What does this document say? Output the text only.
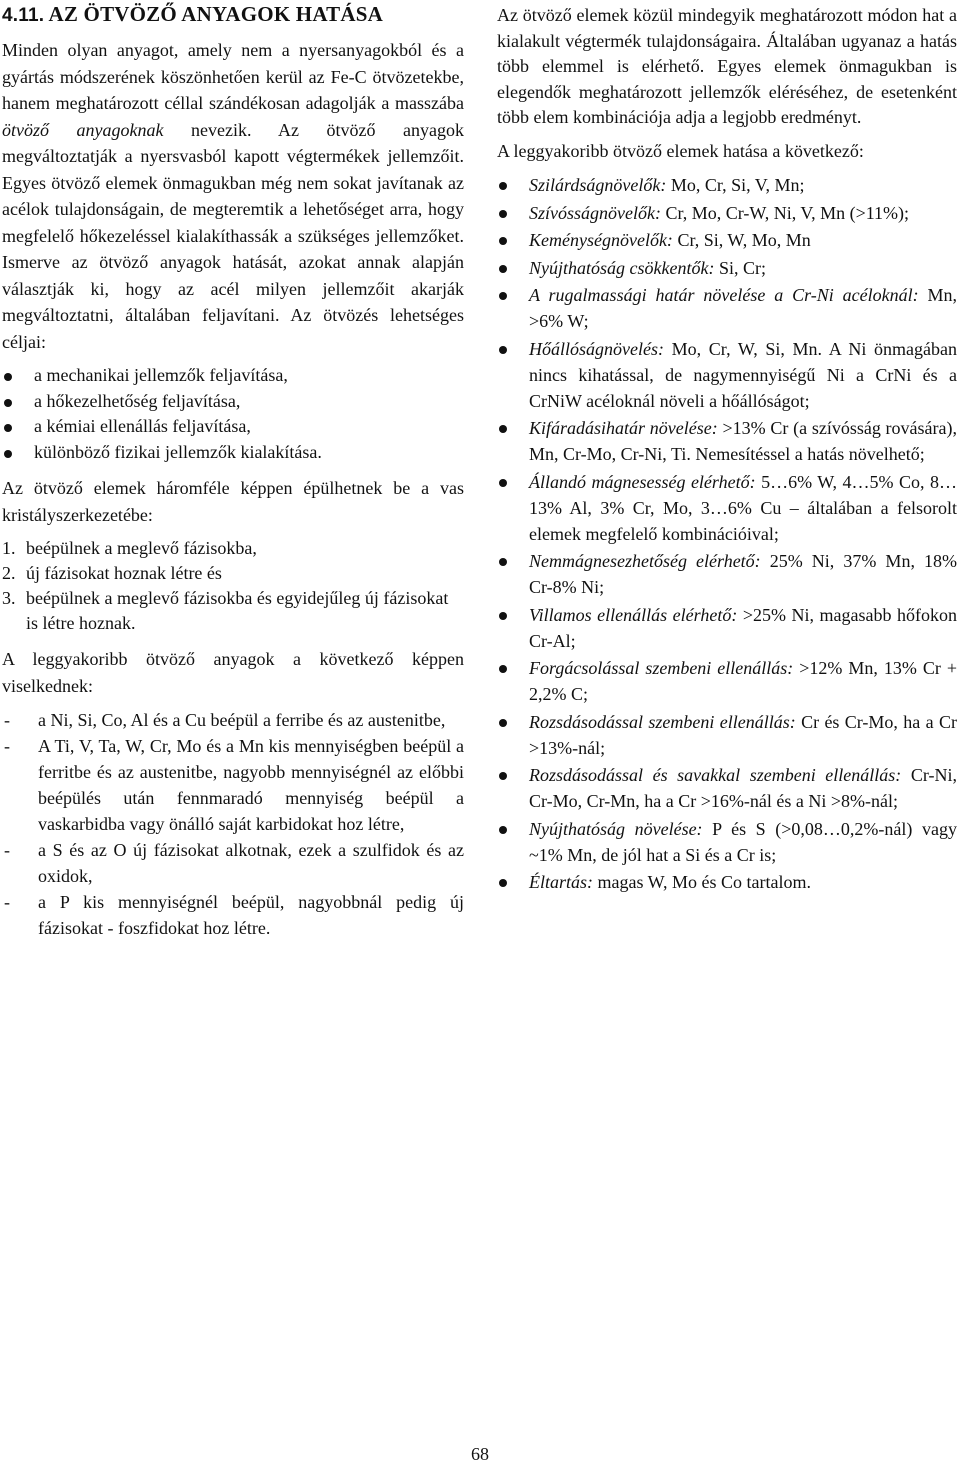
4.11. AZ ÖTVÖZŐ ANYAGOK HATÁSA

Minden olyan anyagot, amely nem a nyersanyagokból és a gyártás módszerének köszönhetően kerül az Fe-C ötvözetekbe, hanem meghatározott céllal szándékosan adagolják a masszába ötvöző anyagoknak nevezik. Az ötvöző anyagok megváltoztatják a nyersvasból kapott végtermékek jellemzőit. Egyes ötvöző elemek önmagukban még nem sokat javítanak az acélok tulajdonságain, de megteremtik a lehetőséget arra, hogy megfelelő hőkezeléssel kialakíthassák a szükséges jellemzőket. Ismerve az ötvöző anyagok hatását, azokat annak alapján választják ki, hogy az acél milyen jellemzőit akarják megváltoztatni, általában feljavítani. Az ötvözés lehetséges céljai:

a mechanikai jellemzők feljavítása,
a hőkezelhetőség feljavítása,
a kémiai ellenállás feljavítása,
különböző fizikai jellemzők kialakítása.

Az ötvöző elemek háromféle képpen épülhetnek be a vas kristályszerkezetébe:

1. beépülnek a meglevő fázisokba,
2. új fázisokat hoznak létre és
3. beépülnek a meglevő fázisokba és egyidejűleg új fázisokat is létre hoznak.

A leggyakoribb ötvöző anyagok a következő képpen viselkednek:

- a Ni, Si, Co, Al és a Cu beépül a ferribe és az austenitbe,
- A Ti, V, Ta, W, Cr, Mo és a Mn kis mennyiségben beépül a ferritbe és az austenitbe, nagyobb mennyiségnél az előbbi beépülés után fennmaradó mennyiség beépül a vaskarbidba vagy önálló saját karbidokat hoz létre,
- a S és az O új fázisokat alkotnak, ezek a szulfidok és az oxidok,
- a P kis mennyiségnél beépül, nagyobbnál pedig új fázisokat - foszfidokat hoz létre.

Az ötvöző elemek közül mindegyik meghatározott módon hat a kialakult végtermék tulajdonságaira. Általában ugyanaz a hatás több elemmel is elérhető. Egyes elemek önmagukban is elegendők meghatározott jellemzők eléréséhez, de esetenként több elem kombinációja adja a legjobb eredményt.

A leggyakoribb ötvöző elemek hatása a következő:

Szilárdságnövelők: Mo, Cr, Si, V, Mn;
Szívósságnövelők: Cr, Mo, Cr-W, Ni, V, Mn (>11%);
Keménységnövelők: Cr, Si, W, Mo, Mn
Nyújthatóság csökkentők: Si, Cr;
A rugalmassági határ növelése a Cr-Ni acéloknál: Mn, >6% W;
Hőállóságnövelés: Mo, Cr, W, Si, Mn. A Ni önmagában nincs kihatással, de nagymennyiségű Ni a CrNi és a CrNiW acéloknál növeli a hőállóságot;
Kifáradásihatár növelése: >13% Cr (a szívósság rovására), Mn, Cr-Mo, Cr-Ni, Ti. Nemesítéssel a hatás növelhető;
Állandó mágnesesség elérhető: 5…6% W, 4…5% Co, 8…13% Al, 3% Cr, Mo, 3…6% Cu – általában a felsorolt elemek megfelelő kombinációival;
Nemmágnesezhetőség elérhető: 25% Ni, 37% Mn, 18% Cr-8% Ni;
Villamos ellenállás elérhető: >25% Ni, magasabb hőfokon Cr-Al;
Forgácsolással szembeni ellenállás: >12% Mn, 13% Cr + 2,2% C;
Rozsdásodással szembeni ellenállás: Cr és Cr-Mo, ha a Cr >13%-nál;
Rozsdásodással és savakkal szembeni ellenállás: Cr-Ni, Cr-Mo, Cr-Mn, ha a Cr >16%-nál és a Ni >8%-nál;
Nyújthatóság növelése: P és S (>0,08…0,2%-nál) vagy ~1% Mn, de jól hat a Si és a Cr is;
Éltartás: magas W, Mo és Co tartalom.
68
